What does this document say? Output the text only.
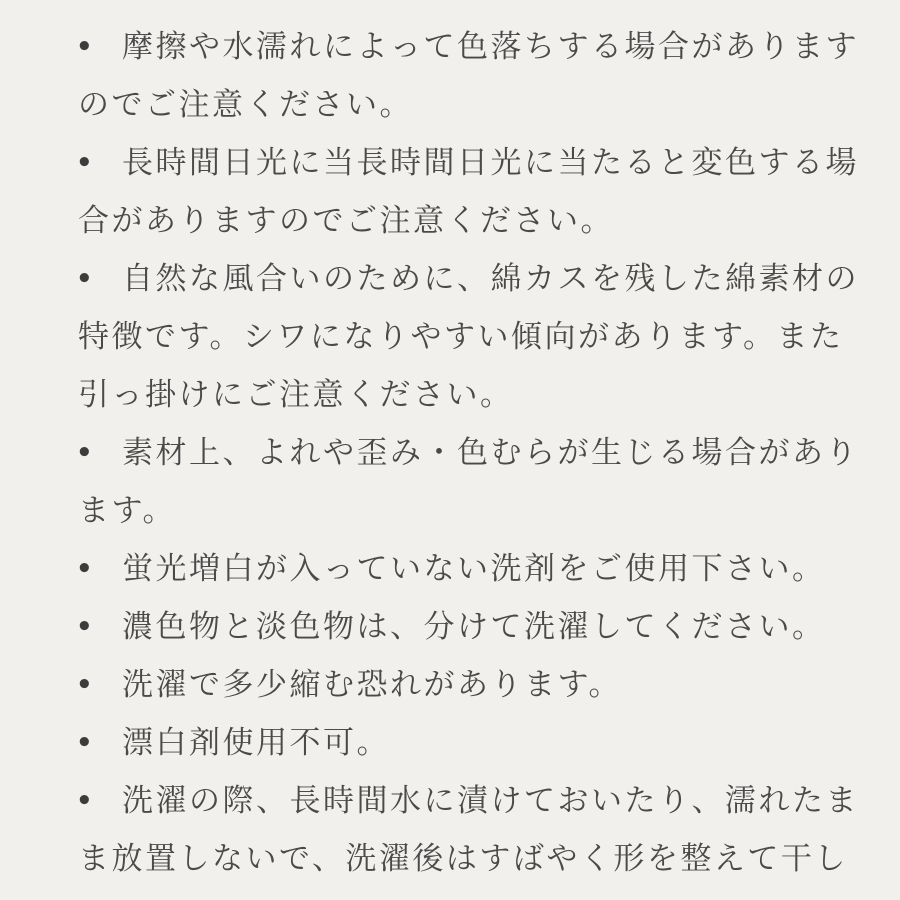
• 摩擦や水濡れによって色落ちする場合がありますのでご注意ください。
• 長時間日光に当長時間日光に当たると変色する場合がありますのでご注意ください。
• 自然な風合いのために、綿カスを残した綿素材の特徴です。シワになりやすい傾向があります。また引っ掛けにご注意ください。
• 素材上、よれや歪み・色むらが生じる場合があります。
• 蛍光増白が入っていない洗剤をご使用下さい。
• 濃色物と淡色物は、分けて洗濯してください。
• 洗濯で多少縮む恐れがあります。
• 漂白剤使用不可。
• 洗濯の際、長時間水に漬けておいたり、濡れたまま放置しないで、洗濯後はすばやく形を整えて干し
